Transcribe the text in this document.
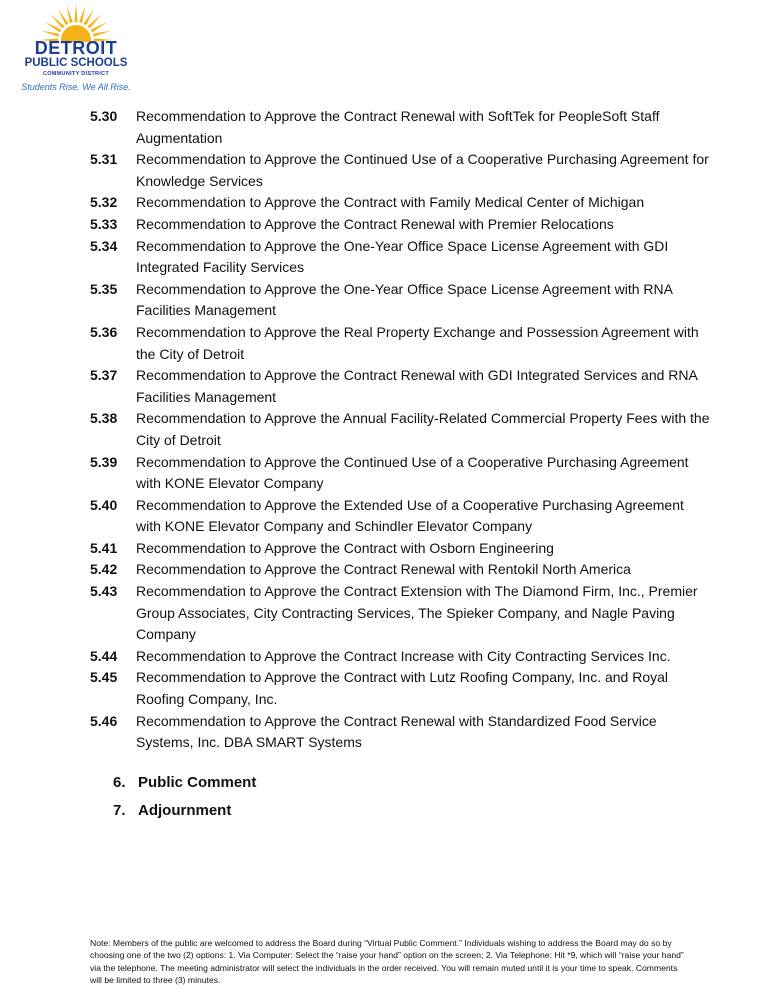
DETROIT
PUBLIC SCHOOLS
COMMUNITY DISTRICT
Students Rise. We All Rise.
5.30	Recommendation to Approve the Contract Renewal with SoftTek for PeopleSoft Staff Augmentation
5.31	Recommendation to Approve the Continued Use of a Cooperative Purchasing Agreement for Knowledge Services
5.32	Recommendation to Approve the Contract with Family Medical Center of Michigan
5.33	Recommendation to Approve the Contract Renewal with Premier Relocations
5.34	Recommendation to Approve the One-Year Office Space License Agreement with GDI Integrated Facility Services
5.35	Recommendation to Approve the One-Year Office Space License Agreement with RNA Facilities Management
5.36	Recommendation to Approve the Real Property Exchange and Possession Agreement with the City of Detroit
5.37	Recommendation to Approve the Contract Renewal with GDI Integrated Services and RNA Facilities Management
5.38	Recommendation to Approve the Annual Facility-Related Commercial Property Fees with the City of Detroit
5.39	Recommendation to Approve the Continued Use of a Cooperative Purchasing Agreement with KONE Elevator Company
5.40	Recommendation to Approve the Extended Use of a Cooperative Purchasing Agreement with KONE Elevator Company and Schindler Elevator Company
5.41	Recommendation to Approve the Contract with Osborn Engineering
5.42	Recommendation to Approve the Contract Renewal with Rentokil North America
5.43	Recommendation to Approve the Contract Extension with The Diamond Firm, Inc., Premier Group Associates, City Contracting Services, The Spieker Company, and Nagle Paving Company
5.44	Recommendation to Approve the Contract Increase with City Contracting Services Inc.
5.45	Recommendation to Approve the Contract with Lutz Roofing Company, Inc. and Royal Roofing Company, Inc.
5.46	Recommendation to Approve the Contract Renewal with Standardized Food Service Systems, Inc. DBA SMART Systems
6. Public Comment
7. Adjournment
Note: Members of the public are welcomed to address the Board during “Virtual Public Comment.” Individuals wishing to address the Board may do so by choosing one of the two (2) options: 1. Via Computer: Select the “raise your hand” option on the screen; 2. Via Telephone: Hit *9, which will “raise your hand” via the telephone. The meeting administrator will select the individuals in the order received. You will remain muted until it is your time to speak. Comments will be limited to three (3) minutes.
